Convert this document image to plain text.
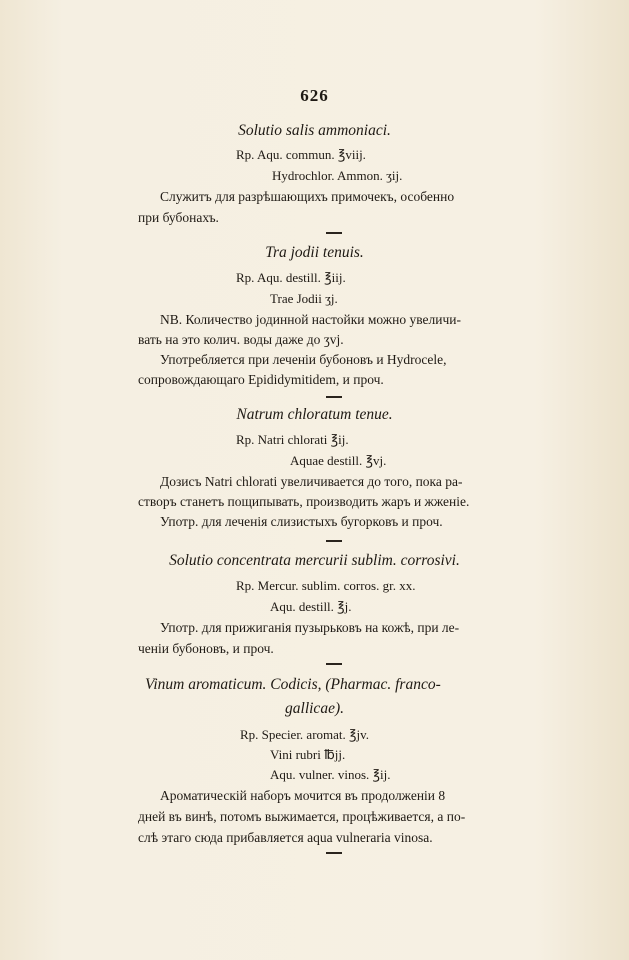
626
Solutio salis ammoniaci.
Rp. Aqu. commun. ℥viij.
Hydrochlor. Ammon. ʒij.
Служитъ для разрѣшающихъ примочекъ, особенно
при бубонахъ.
Tra jodii tenuis.
Rp. Aqu. destill. ℥iij.
Trae Jodii ʒj.
NB. Количество jодинной настойки можно увеличи-
вать на это колич. воды даже до ʒvj.
Употребляется при леченіи бубоновъ и Hydrocele,
сопровождающаго Epididymitidem, и проч.
Natrum chloratum tenue.
Rp. Natri chlorati ℥ij.
Aquae destill. ℥vj.
Дозисъ Natri chlorati увеличивается до того, пока ра-
створъ станетъ пощипывать, производить жаръ и жженіе.
Употр. для леченія слизистыхъ бугорковъ и проч.
Solutio concentrata mercurii sublim. corrosivi.
Rp. Mercur. sublim. corros. gr. xx.
Aqu. destill. ℥j.
Употр. для прижиганія пузырьковъ на кожѣ, при ле-
ченіи бубоновъ, и проч.
Vinum aromaticum. Codicis, (Pharmac. franco-
gallicae).
Rp. Specier. aromat. ℥jv.
Vini rubri ℔jj.
Aqu. vulner. vinos. ℥ij.
Ароматическій наборъ мочится въ продолженіи 8
дней въ винѣ, потомъ выжимается, процѣживается, а по-
слѣ этаго сюда прибавляется aqua vulneraria vinosa.
